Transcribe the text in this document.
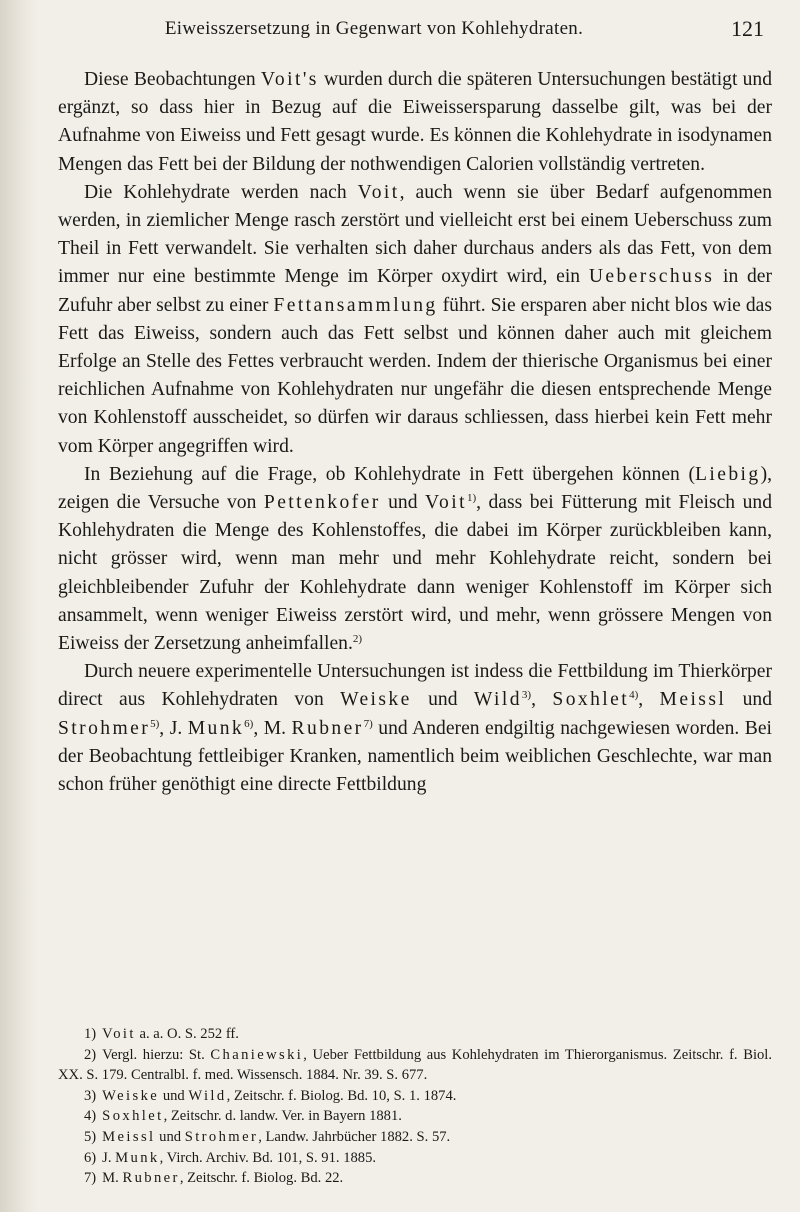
Eiweisszersetzung in Gegenwart von Kohlehydraten.	121

Diese Beobachtungen Voit's wurden durch die späteren Untersuchungen bestätigt und ergänzt, so dass hier in Bezug auf die Eiweissersparung dasselbe gilt, was bei der Aufnahme von Eiweiss und Fett gesagt wurde. Es können die Kohlehydrate in isodynamen Mengen das Fett bei der Bildung der nothwendigen Calorien vollständig vertreten.

Die Kohlehydrate werden nach Voit, auch wenn sie über Bedarf aufgenommen werden, in ziemlicher Menge rasch zerstört und vielleicht erst bei einem Ueberschuss zum Theil in Fett verwandelt. Sie verhalten sich daher durchaus anders als das Fett, von dem immer nur eine bestimmte Menge im Körper oxydirt wird, ein Ueberschuss in der Zufuhr aber selbst zu einer Fettansammlung führt. Sie ersparen aber nicht blos wie das Fett das Eiweiss, sondern auch das Fett selbst und können daher auch mit gleichem Erfolge an Stelle des Fettes verbraucht werden. Indem der thierische Organismus bei einer reichlichen Aufnahme von Kohlehydraten nur ungefähr die diesen entsprechende Menge von Kohlenstoff ausscheidet, so dürfen wir daraus schliessen, dass hierbei kein Fett mehr vom Körper angegriffen wird.

In Beziehung auf die Frage, ob Kohlehydrate in Fett übergehen können (Liebig), zeigen die Versuche von Pettenkofer und Voit$^{1)}$, dass bei Fütterung mit Fleisch und Kohlehydraten die Menge des Kohlenstoffes, die dabei im Körper zurückbleiben kann, nicht grösser wird, wenn man mehr und mehr Kohlehydrate reicht, sondern bei gleichbleibender Zufuhr der Kohlehydrate dann weniger Kohlenstoff im Körper sich ansammelt, wenn weniger Eiweiss zerstört wird, und mehr, wenn grössere Mengen von Eiweiss der Zersetzung anheimfallen.$^{2)}$

Durch neuere experimentelle Untersuchungen ist indess die Fettbildung im Thierkörper direct aus Kohlehydraten von Weiske und Wild$^{3)}$, Soxhlet$^{4)}$, Meissl und Strohmer$^{5)}$, J. Munk$^{6)}$, M. Rubner$^{7)}$ und Anderen endgiltig nachgewiesen worden. Bei der Beobachtung fettleibiger Kranken, namentlich beim weiblichen Geschlechte, war man schon früher genöthigt eine directe Fettbildung

1) Voit a. a. O. S. 252 ff.

2) Vergl. hierzu: St. Chaniewski, Ueber Fettbildung aus Kohlehydraten im Thierorganismus. Zeitschr. f. Biol. XX. S. 179. Centralbl. f. med. Wissensch. 1884. Nr. 39. S. 677.

3) Weiske und Wild, Zeitschr. f. Biolog. Bd. 10, S. 1. 1874.

4) Soxhlet, Zeitschr. d. landw. Ver. in Bayern 1881.

5) Meissl und Strohmer, Landw. Jahrbücher 1882. S. 57.

6) J. Munk, Virch. Archiv. Bd. 101, S. 91. 1885.

7) M. Rubner, Zeitschr. f. Biolog. Bd. 22.
